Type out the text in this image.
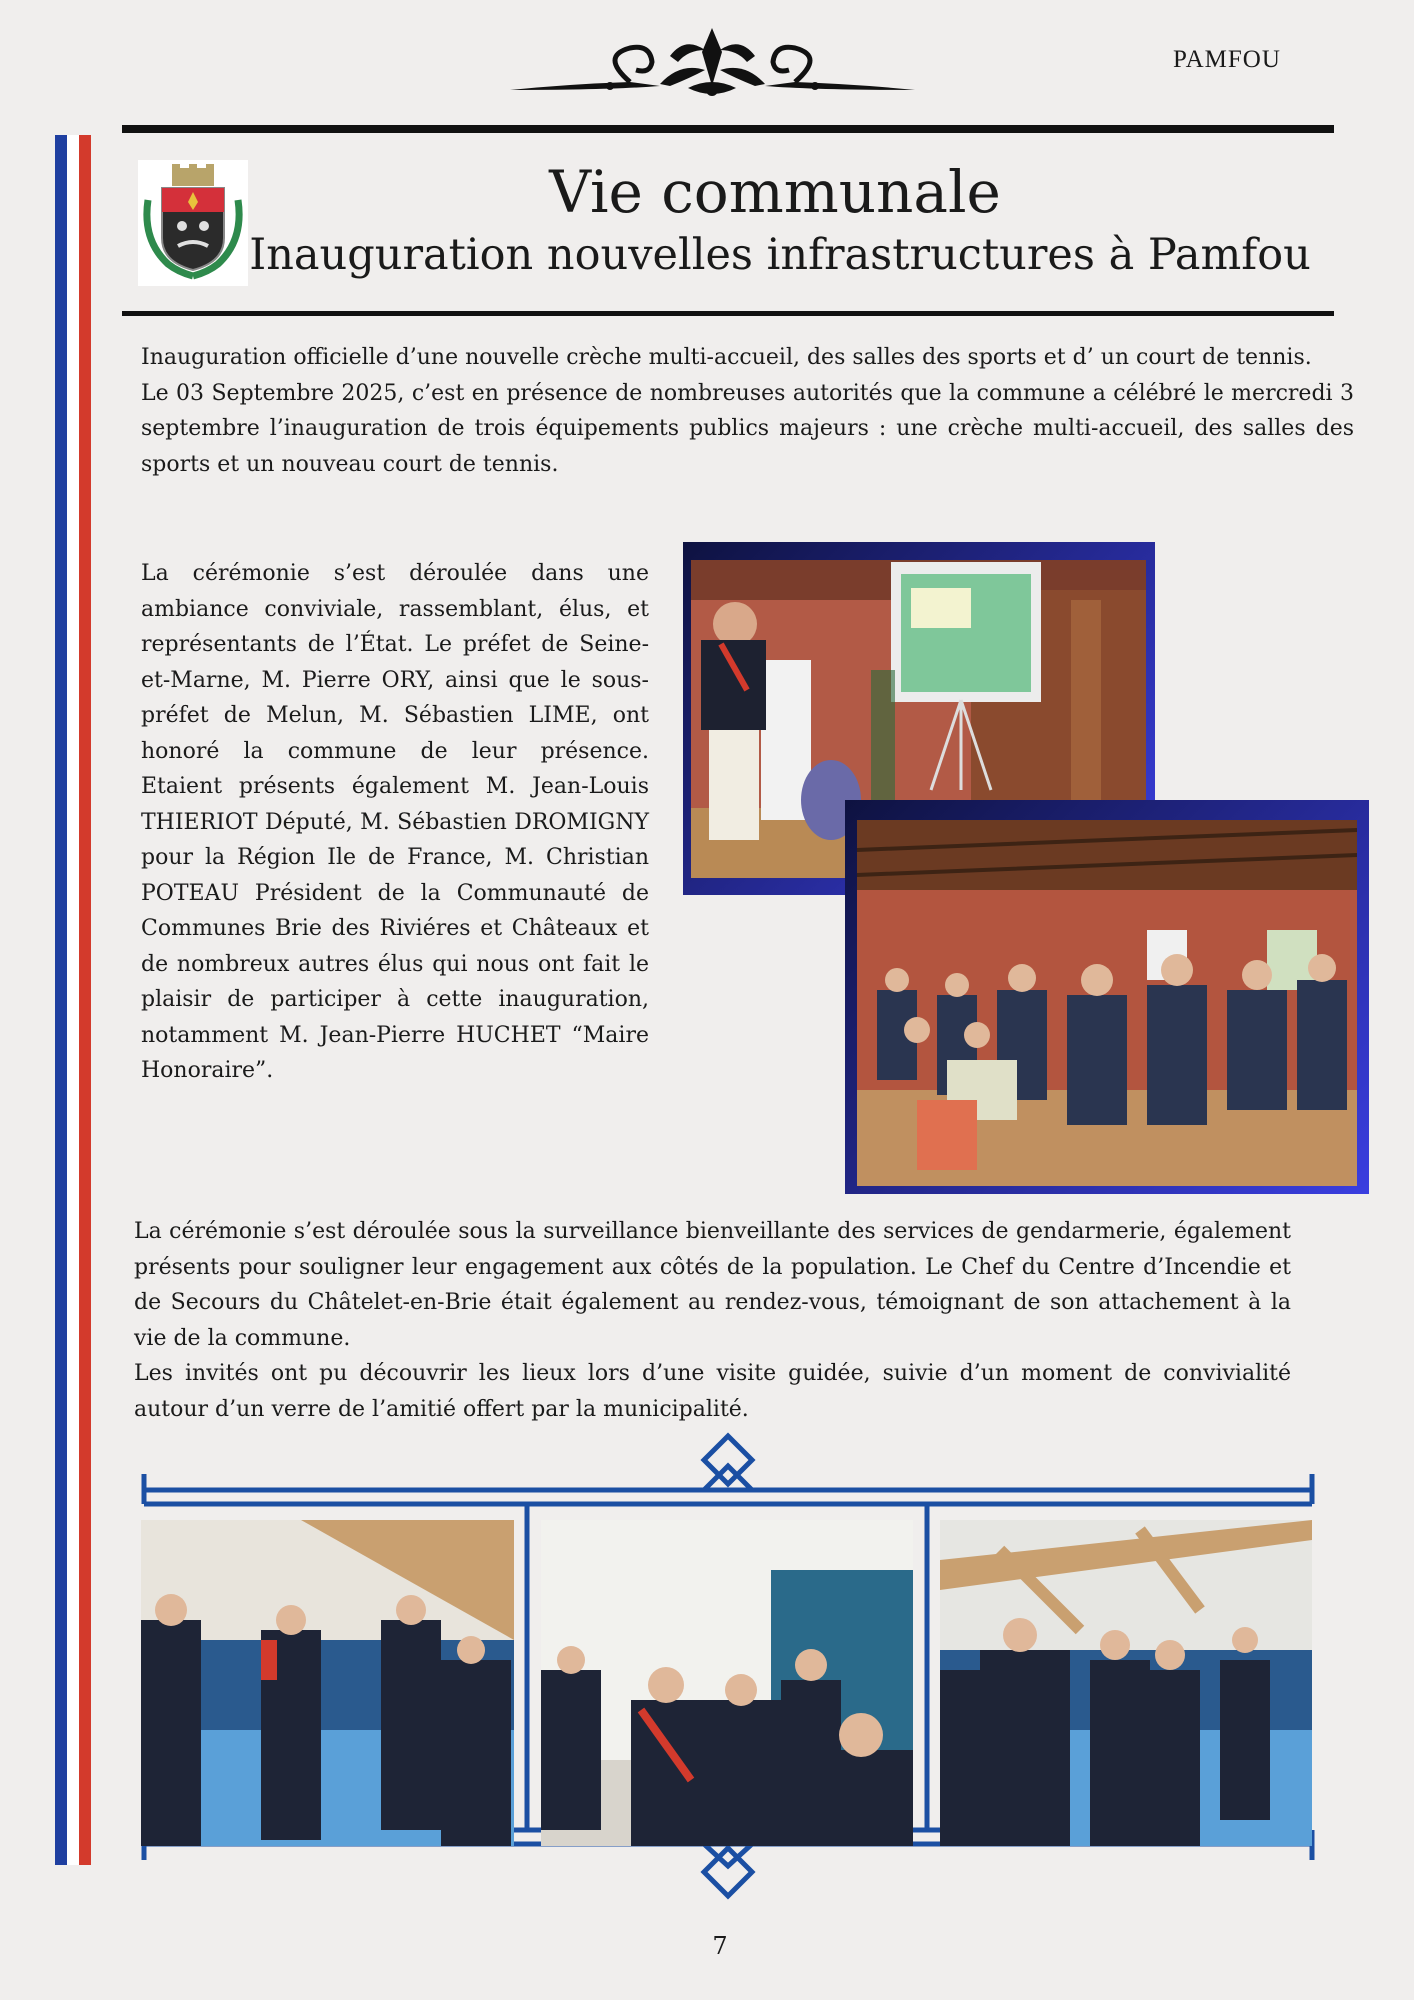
PAMFOU
Vie communale
Inauguration nouvelles infrastructures à Pamfou
Inauguration officielle d’une nouvelle crèche multi-accueil, des salles des sports et d’ un court de tennis.
Le 03 Septembre 2025, c’est en présence de nombreuses autorités que la commune a célébré le mercredi 3 septembre l’inauguration de trois équipements publics majeurs : une crèche multi-accueil, des salles des sports et un nouveau court de tennis.
La cérémonie s’est déroulée dans une ambiance conviviale, rassemblant, élus, et représentants de l’État. Le préfet de Seine-et-Marne, M. Pierre ORY, ainsi que le sous-préfet de Melun, M. Sébastien LIME, ont honoré la commune de leur présence. Etaient présents également M. Jean-Louis THIERIOT Député, M. Sébastien DROMIGNY pour la Région Ile de France, M. Christian POTEAU Président de la Communauté de Communes Brie des Riviéres et Châteaux et de nombreux autres élus qui nous ont fait le plaisir de participer à cette inauguration, notamment M. Jean-Pierre HUCHET “Maire Honoraire”.
La cérémonie s’est déroulée sous la surveillance bienveillante des services de gendarmerie, également présents pour souligner leur engagement aux côtés de la population. Le Chef du Centre d’Incendie et de Secours du Châtelet-en-Brie était également au rendez-vous, témoignant de son attachement à la vie de la commune.
Les invités ont pu découvrir les lieux lors d’une visite guidée, suivie d’un moment de convivialité autour d’un verre de l’amitié offert par la municipalité.
7
